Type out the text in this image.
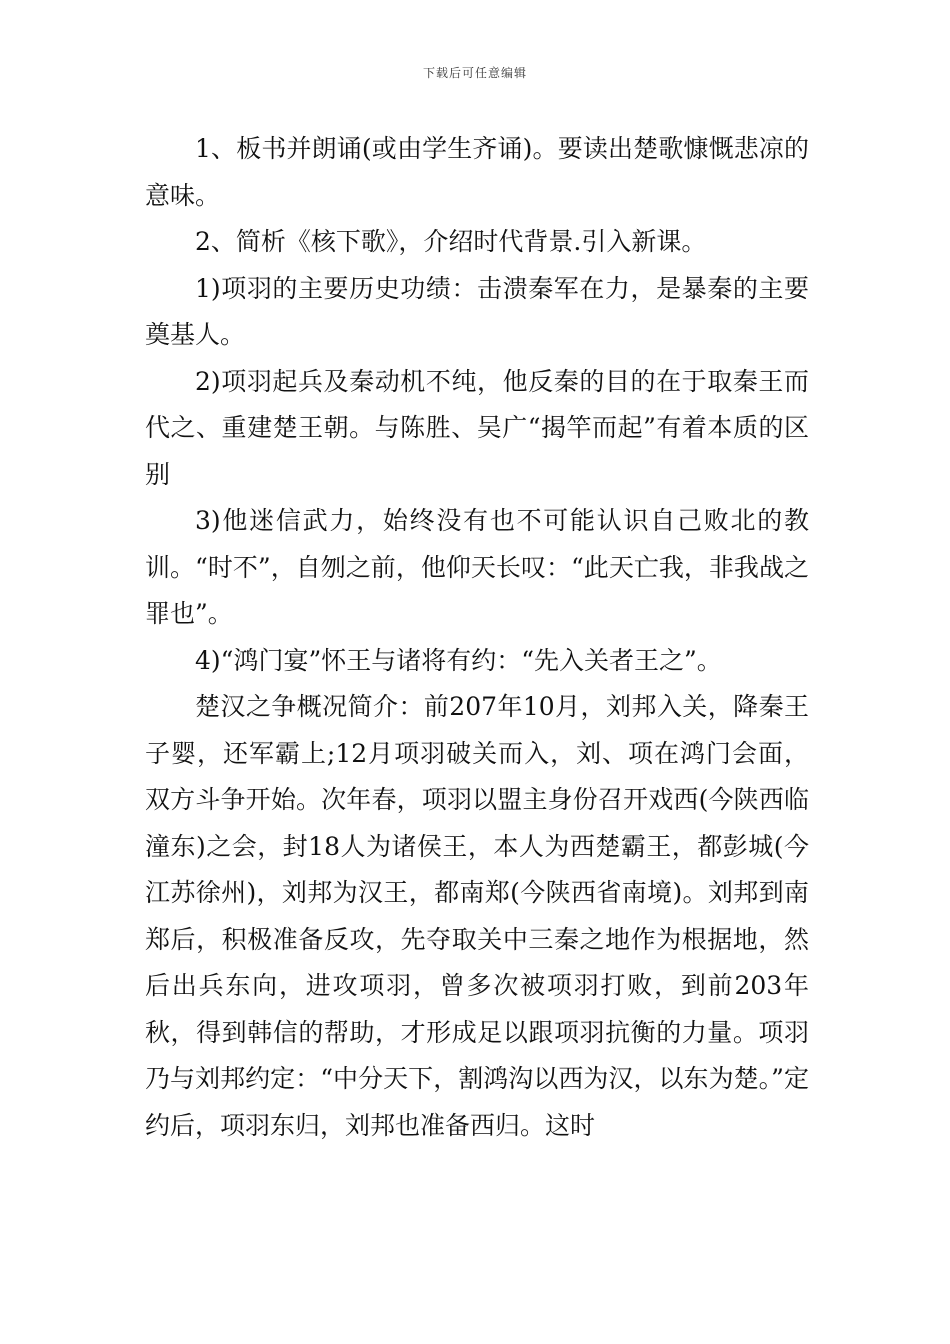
下载后可任意编辑

1、板书并朗诵(或由学生齐诵)。要读出楚歌慷慨悲凉的意味。

2、简析《核下歌》，介绍时代背景.引入新课。

1)项羽的主要历史功绩：击溃秦军在力，是暴秦的主要奠基人。

2)项羽起兵及秦动机不纯，他反秦的目的在于取秦王而代之、重建楚王朝。与陈胜、吴广“揭竿而起”有着本质的区别

3)他迷信武力，始终没有也不可能认识自己败北的教训。“时不”，自刎之前，他仰天长叹：“此天亡我，非我战之罪也”。

4)“鸿门宴”怀王与诸将有约：“先入关者王之”。

楚汉之争概况简介：前207年10月，刘邦入关，降秦王子婴，还军霸上;12月项羽破关而入，刘、项在鸿门会面，双方斗争开始。次年春，项羽以盟主身份召开戏西(今陕西临潼东)之会，封18人为诸侯王，本人为西楚霸王，都彭城(今江苏徐州)，刘邦为汉王，都南郑(今陕西省南境)。刘邦到南郑后，积极准备反攻，先夺取关中三秦之地作为根据地，然后出兵东向，进攻项羽，曾多次被项羽打败，到前203年秋，得到韩信的帮助，才形成足以跟项羽抗衡的力量。项羽乃与刘邦约定：“中分天下，割鸿沟以西为汉，以东为楚。”定约后，项羽东归，刘邦也准备西归。这时
